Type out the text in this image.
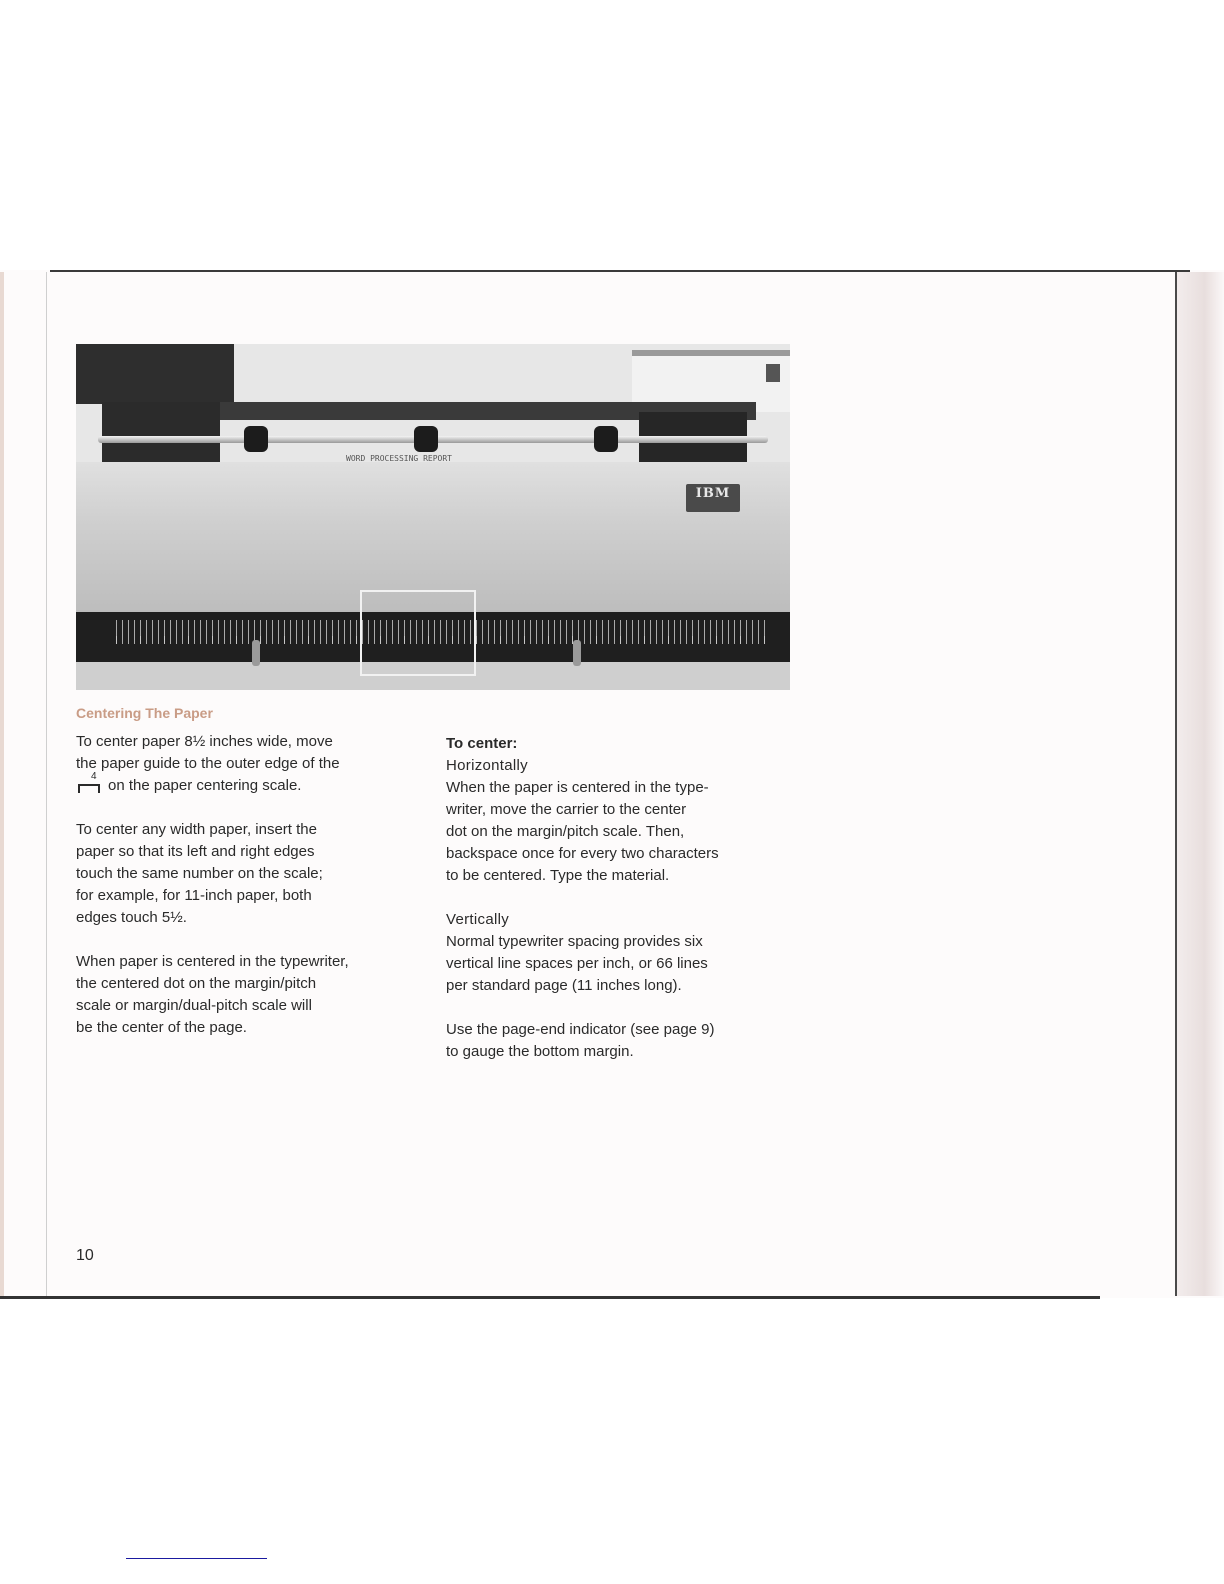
WORD PROCESSING REPORT
IBM
Centering The Paper

To center paper 8½ inches wide, move
the paper guide to the outer edge of the
4
on the paper centering scale.

To center any width paper, insert the
paper so that its left and right edges
touch the same number on the scale;
for example, for 11-inch paper, both
edges touch 5½.

When paper is centered in the typewriter,
the centered dot on the margin/pitch
scale or margin/dual-pitch scale will
be the center of the page.

To center:
Horizontally
When the paper is centered in the type-
writer, move the carrier to the center
dot on the margin/pitch scale. Then,
backspace once for every two characters
to be centered. Type the material.

Vertically
Normal typewriter spacing provides six
vertical line spaces per inch, or 66 lines
per standard page (11 inches long).

Use the page-end indicator (see page 9)
to gauge the bottom margin.

10
